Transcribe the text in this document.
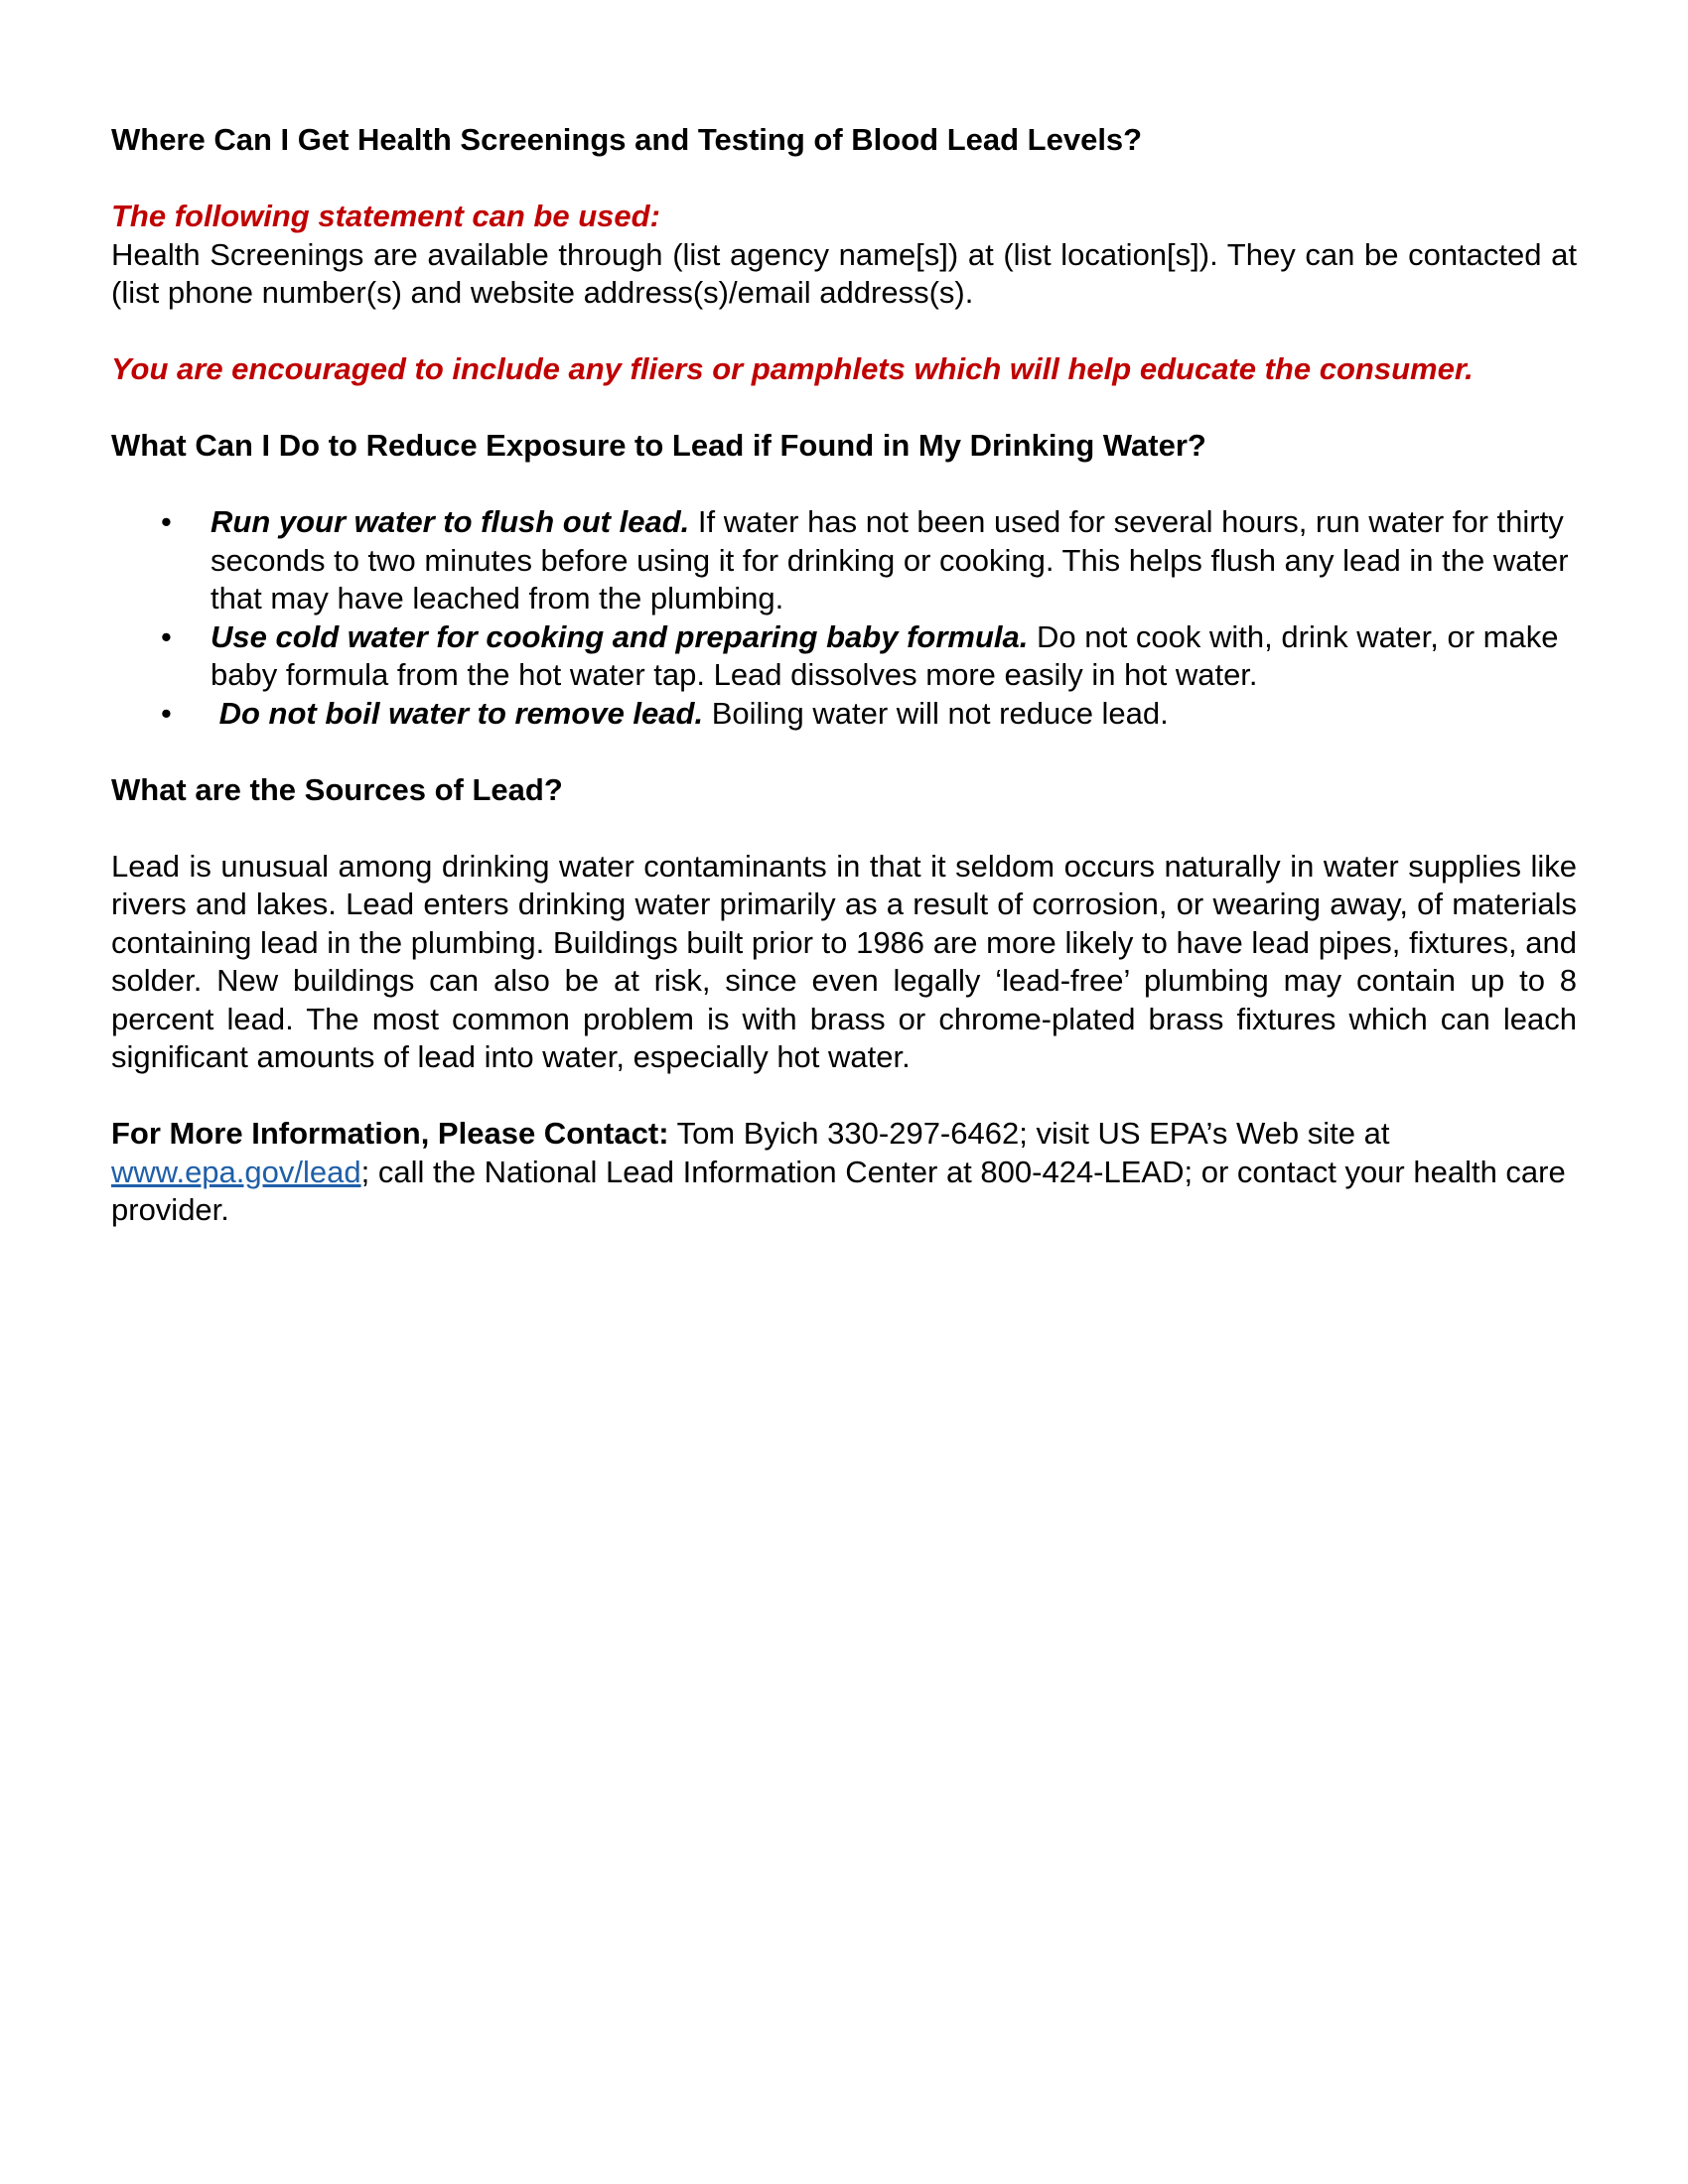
Where Can I Get Health Screenings and Testing of Blood Lead Levels?

The following statement can be used:

Health Screenings are available through (list agency name[s]) at (list location[s]). They can be contacted at (list phone number(s) and website address(s)/email address(s).

You are encouraged to include any fliers or pamphlets which will help educate the consumer.

What Can I Do to Reduce Exposure to Lead if Found in My Drinking Water?

• Run your water to flush out lead. If water has not been used for several hours, run water for thirty seconds to two minutes before using it for drinking or cooking. This helps flush any lead in the water that may have leached from the plumbing.
• Use cold water for cooking and preparing baby formula. Do not cook with, drink water, or make baby formula from the hot water tap. Lead dissolves more easily in hot water.
• Do not boil water to remove lead. Boiling water will not reduce lead.

What are the Sources of Lead?

Lead is unusual among drinking water contaminants in that it seldom occurs naturally in water supplies like rivers and lakes. Lead enters drinking water primarily as a result of corrosion, or wearing away, of materials containing lead in the plumbing. Buildings built prior to 1986 are more likely to have lead pipes, fixtures, and solder. New buildings can also be at risk, since even legally ‘lead-free’ plumbing may contain up to 8 percent lead. The most common problem is with brass or chrome-plated brass fixtures which can leach significant amounts of lead into water, especially hot water.

For More Information, Please Contact: Tom Byich 330-297-6462; visit US EPA’s Web site at www.epa.gov/lead; call the National Lead Information Center at 800-424-LEAD; or contact your health care provider.
